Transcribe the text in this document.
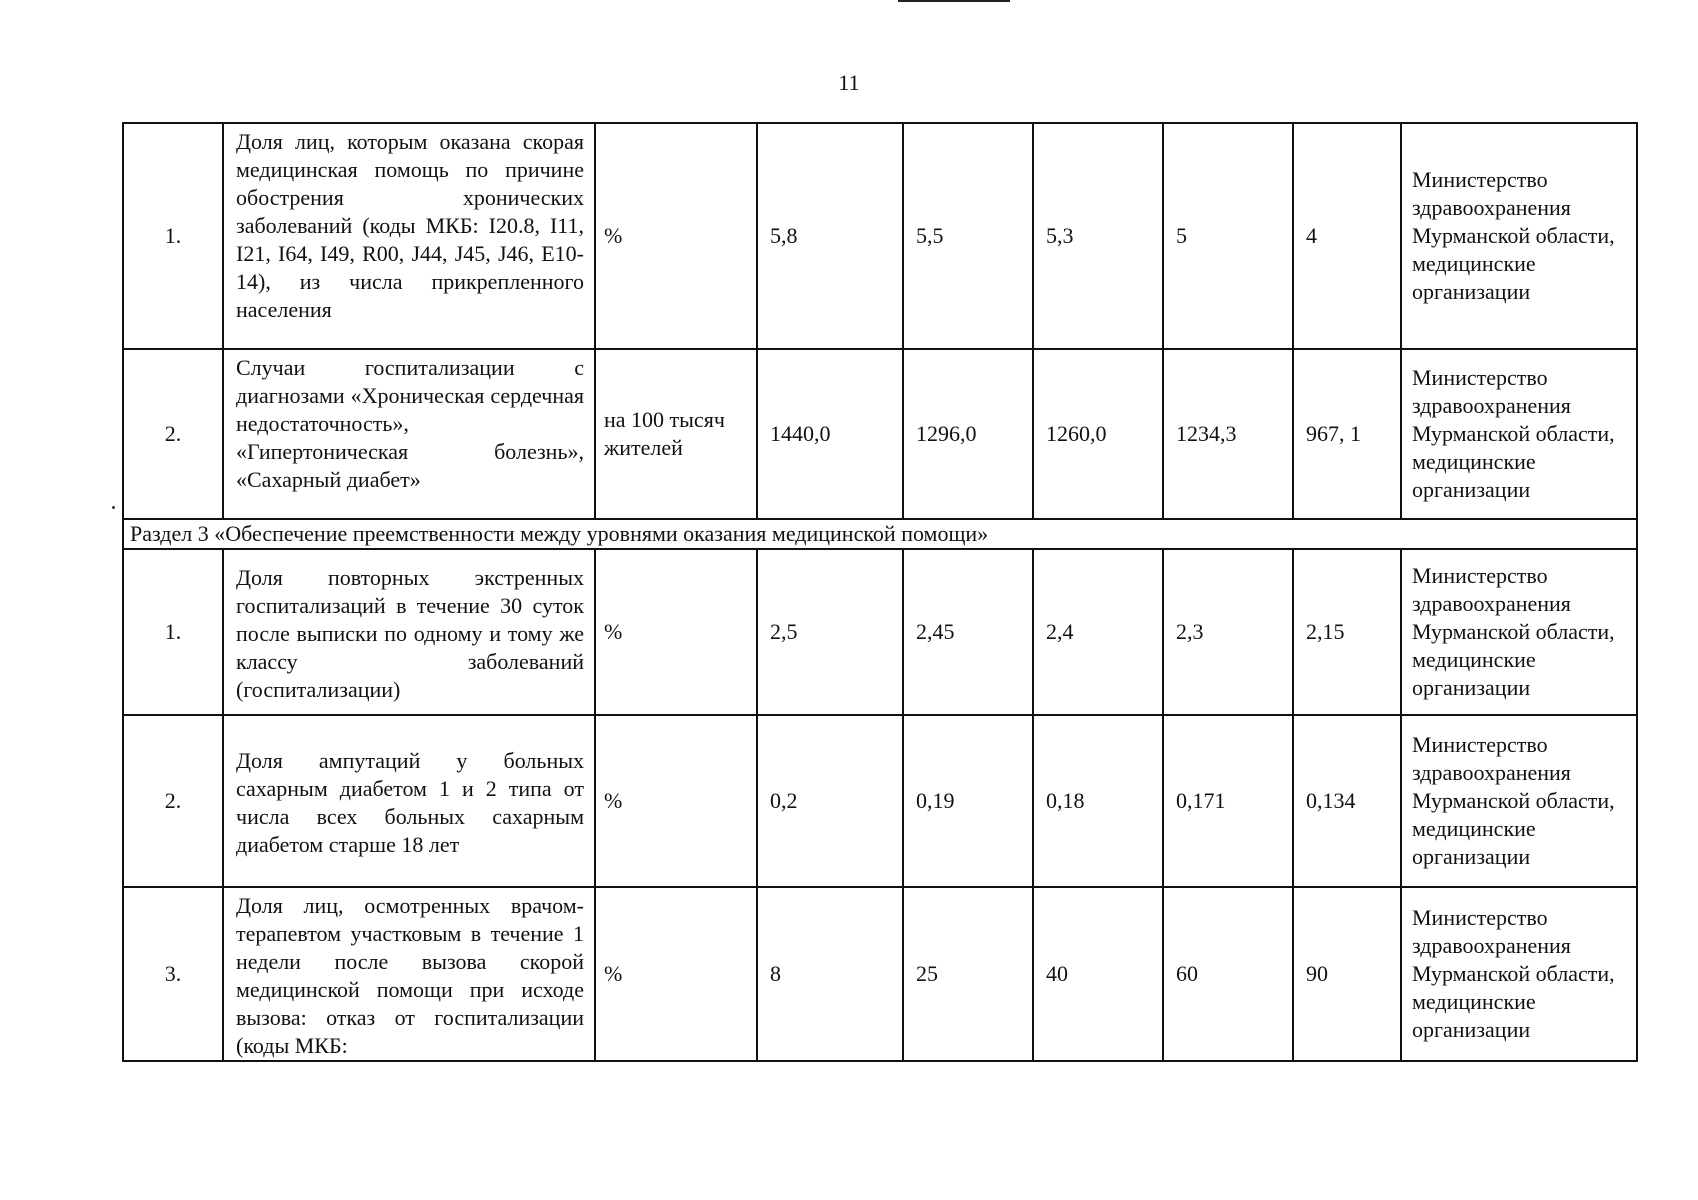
11
1.	Доля лиц, которым оказана скорая медицинская помощь по причине обострения хронических заболеваний (коды МКБ: I20.8, I11, I21, I64, I49, R00, J44, J45, J46, E10-14), из числа прикрепленного населения	%	5,8	5,5	5,3	5	4	Министерство здравоохранения Мурманской области, медицинские организации
2.	Случаи госпитализации с диагнозами «Хроническая сердечная недостаточность», «Гипертоническая болезнь», «Сахарный диабет»	на 100 тысяч жителей	1440,0	1296,0	1260,0	1234,3	967, 1	Министерство здравоохранения Мурманской области, медицинские организации
Раздел 3 «Обеспечение преемственности между уровнями оказания медицинской помощи»								
1.	Доля повторных экстренных госпитализаций в течение 30 суток после выписки по одному и тому же классу заболеваний (госпитализации)	%	2,5	2,45	2,4	2,3	2,15	Министерство здравоохранения Мурманской области, медицинские организации
2.	Доля ампутаций у больных сахарным диабетом 1 и 2 типа от числа всех больных сахарным диабетом старше 18 лет	%	0,2	0,19	0,18	0,171	0,134	Министерство здравоохранения Мурманской области, медицинские организации
3.	Доля лиц, осмотренных врачом-терапевтом участковым в течение 1 недели после вызова скорой медицинской помощи при исходе вызова: отказ от госпитализации (коды МКБ:	%	8	25	40	60	90	Министерство здравоохранения Мурманской области, медицинские организации
